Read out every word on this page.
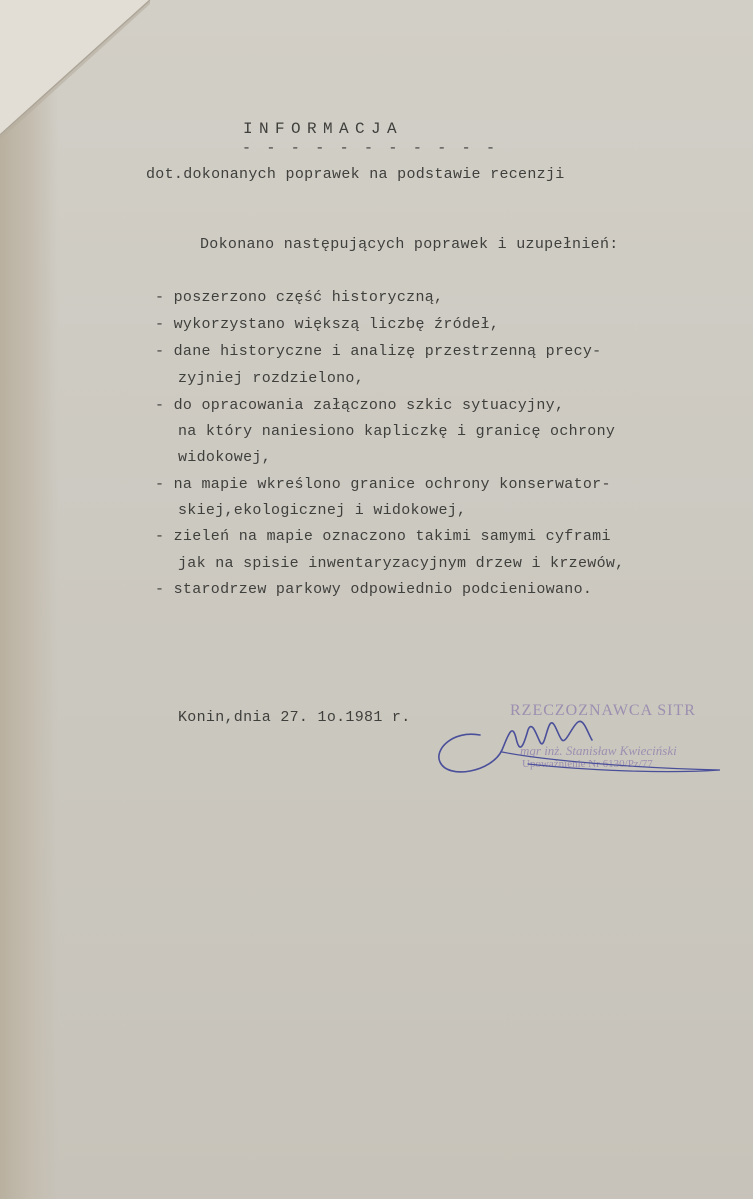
INFORMACJA
- - - - - - - - - - -
dot.dokonanych poprawek na podstawie recenzji
Dokonano następujących poprawek i uzupełnień:
- poszerzono część historyczną,
- wykorzystano większą liczbę źródeł,
- dane historyczne i analizę przestrzenną precy-
zyjniej rozdzielono,
- do opracowania załączono szkic sytuacyjny,
na który naniesiono kapliczkę i granicę ochrony
widokowej,
- na mapie wkreślono granice ochrony konserwator-
skiej,ekologicznej i widokowej,
- zieleń na mapie oznaczono takimi samymi cyframi
jak na spisie inwentaryzacyjnym drzew i krzewów,
- starodrzew parkowy odpowiednio podcieniowano.
Konin,dnia 27. 1o.1981 r.	RZECZOZNAWCA SITR
mgr inż. Stanisław Kwieciński
Upoważnienie Nr 6130/Pz/77
